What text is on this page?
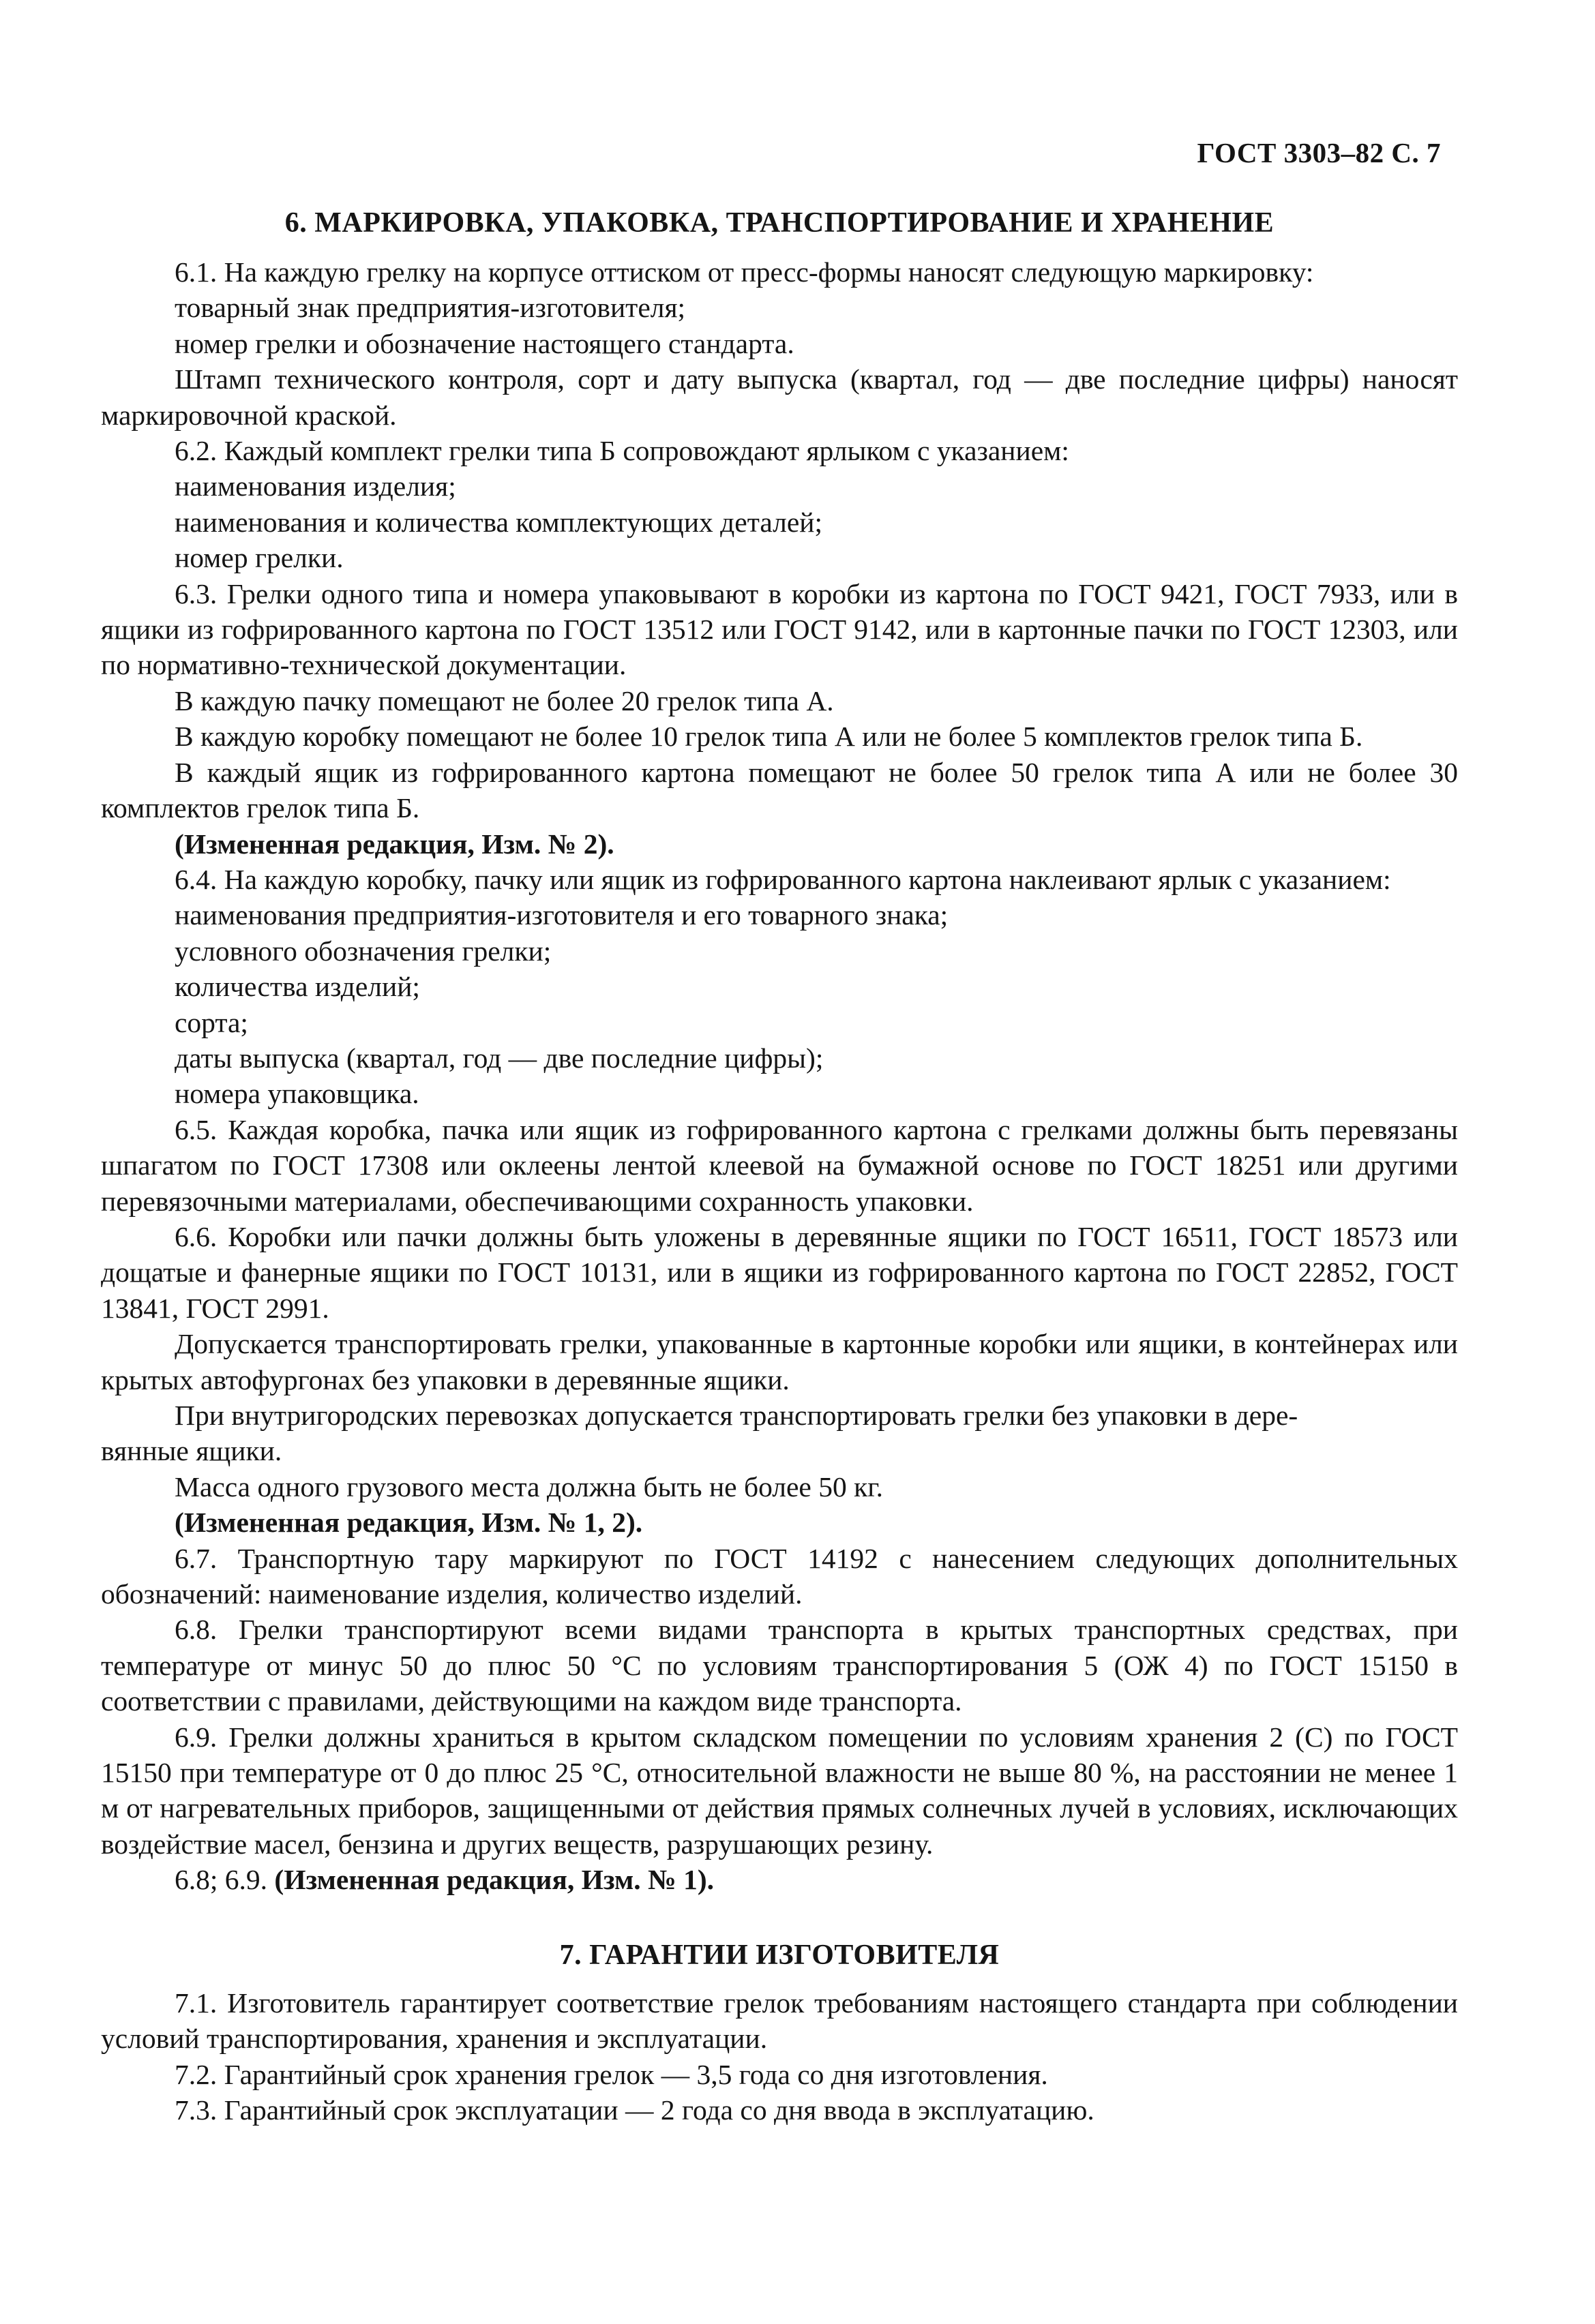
ГОСТ 3303–82 С. 7
6. МАРКИРОВКА, УПАКОВКА, ТРАНСПОРТИРОВАНИЕ И ХРАНЕНИЕ

6.1. На каждую грелку на корпусе оттиском от пресс-формы наносят следующую маркировку:

товарный знак предприятия-изготовителя;

номер грелки и обозначение настоящего стандарта.

Штамп технического контроля, сорт и дату выпуска (квартал, год — две последние цифры) наносят маркировочной краской.

6.2. Каждый комплект грелки типа Б сопровождают ярлыком с указанием:

наименования изделия;

наименования и количества комплектующих деталей;

номер грелки.

6.3. Грелки одного типа и номера упаковывают в коробки из картона по ГОСТ 9421, ГОСТ 7933, или в ящики из гофрированного картона по ГОСТ 13512 или ГОСТ 9142, или в картонные пачки по ГОСТ 12303, или по нормативно-технической документации.

В каждую пачку помещают не более 20 грелок типа А.

В каждую коробку помещают не более 10 грелок типа А или не более 5 комплектов грелок типа Б.

В каждый ящик из гофрированного картона помещают не более 50 грелок типа А или не более 30 комплектов грелок типа Б.

(Измененная редакция, Изм. № 2).

6.4. На каждую коробку, пачку или ящик из гофрированного картона наклеивают ярлык с указанием:

наименования предприятия-изготовителя и его товарного знака;

условного обозначения грелки;

количества изделий;

сорта;

даты выпуска (квартал, год — две последние цифры);

номера упаковщика.

6.5. Каждая коробка, пачка или ящик из гофрированного картона с грелками должны быть перевязаны шпагатом по ГОСТ 17308 или оклеены лентой клеевой на бумажной основе по ГОСТ 18251 или другими перевязочными материалами, обеспечивающими сохранность упаковки.

6.6. Коробки или пачки должны быть уложены в деревянные ящики по ГОСТ 16511, ГОСТ 18573 или дощатые и фанерные ящики по ГОСТ 10131, или в ящики из гофрированного картона по ГОСТ 22852, ГОСТ 13841, ГОСТ 2991.

Допускается транспортировать грелки, упакованные в картонные коробки или ящики, в контейнерах или крытых автофургонах без упаковки в деревянные ящики.

При внутригородских перевозках допускается транспортировать грелки без упаковки в дере-

вянные ящики.

Масса одного грузового места должна быть не более 50 кг.

(Измененная редакция, Изм. № 1, 2).

6.7. Транспортную тару маркируют по ГОСТ 14192 с нанесением следующих дополнительных обозначений: наименование изделия, количество изделий.

6.8. Грелки транспортируют всеми видами транспорта в крытых транспортных средствах, при температуре от минус 50 до плюс 50 °С по условиям транспортирования 5 (ОЖ 4) по ГОСТ 15150 в соответствии с правилами, действующими на каждом виде транспорта.

6.9. Грелки должны храниться в крытом складском помещении по условиям хранения 2 (С) по ГОСТ 15150 при температуре от 0 до плюс 25 °С, относительной влажности не выше 80 %, на расстоянии не менее 1 м от нагревательных приборов, защищенными от действия прямых солнечных лучей в условиях, исключающих воздействие масел, бензина и других веществ, разрушающих резину.

6.8; 6.9. (Измененная редакция, Изм. № 1).

7. ГАРАНТИИ ИЗГОТОВИТЕЛЯ

7.1. Изготовитель гарантирует соответствие грелок требованиям настоящего стандарта при соблюдении условий транспортирования, хранения и эксплуатации.

7.2. Гарантийный срок хранения грелок — 3,5 года со дня изготовления.

7.3. Гарантийный срок эксплуатации — 2 года со дня ввода в эксплуатацию.
